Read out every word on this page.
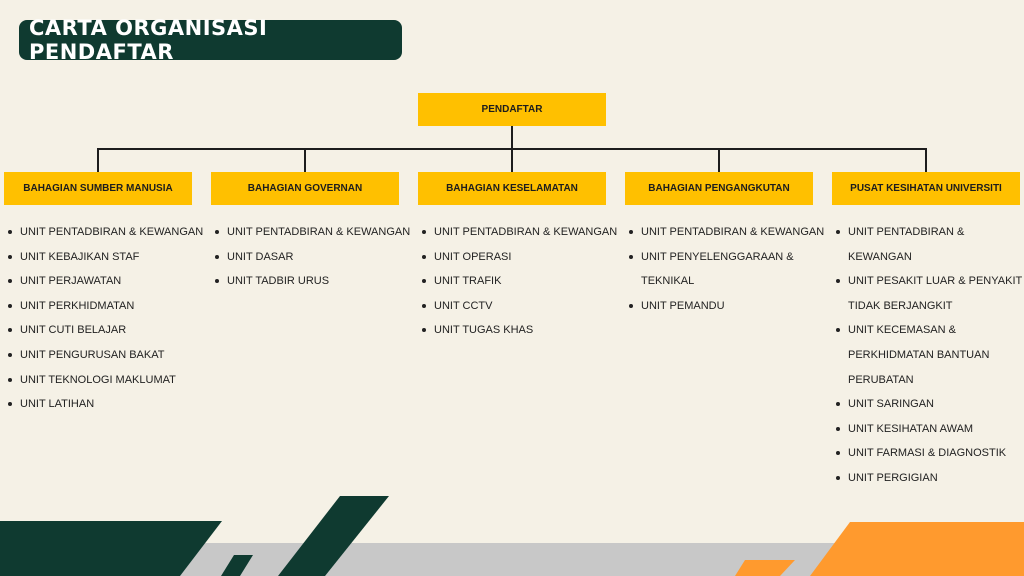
CARTA ORGANISASI PENDAFTAR
PENDAFTAR
BAHAGIAN SUMBER MANUSIA	BAHAGIAN GOVERNAN	BAHAGIAN KESELAMATAN	BAHAGIAN PENGANGKUTAN	PUSAT KESIHATAN UNIVERSITI
UNIT PENTADBIRAN & KEWANGAN
UNIT KEBAJIKAN STAF
UNIT PERJAWATAN
UNIT PERKHIDMATAN
UNIT CUTI BELAJAR
UNIT PENGURUSAN BAKAT
UNIT TEKNOLOGI MAKLUMAT
UNIT LATIHAN
UNIT PENTADBIRAN & KEWANGAN
UNIT DASAR
UNIT TADBIR URUS
UNIT PENTADBIRAN & KEWANGAN
UNIT OPERASI
UNIT TRAFIK
UNIT CCTV
UNIT TUGAS KHAS
UNIT PENTADBIRAN & KEWANGAN
UNIT PENYELENGGARAAN &
TEKNIKAL
UNIT PEMANDU
UNIT PENTADBIRAN & KEWANGAN
UNIT PESAKIT LUAR & PENYAKIT
TIDAK BERJANGKIT
UNIT KECEMASAN &
PERKHIDMATAN BANTUAN
PERUBATAN
UNIT SARINGAN
UNIT KESIHATAN AWAM
UNIT FARMASI & DIAGNOSTIK
UNIT PERGIGIAN
